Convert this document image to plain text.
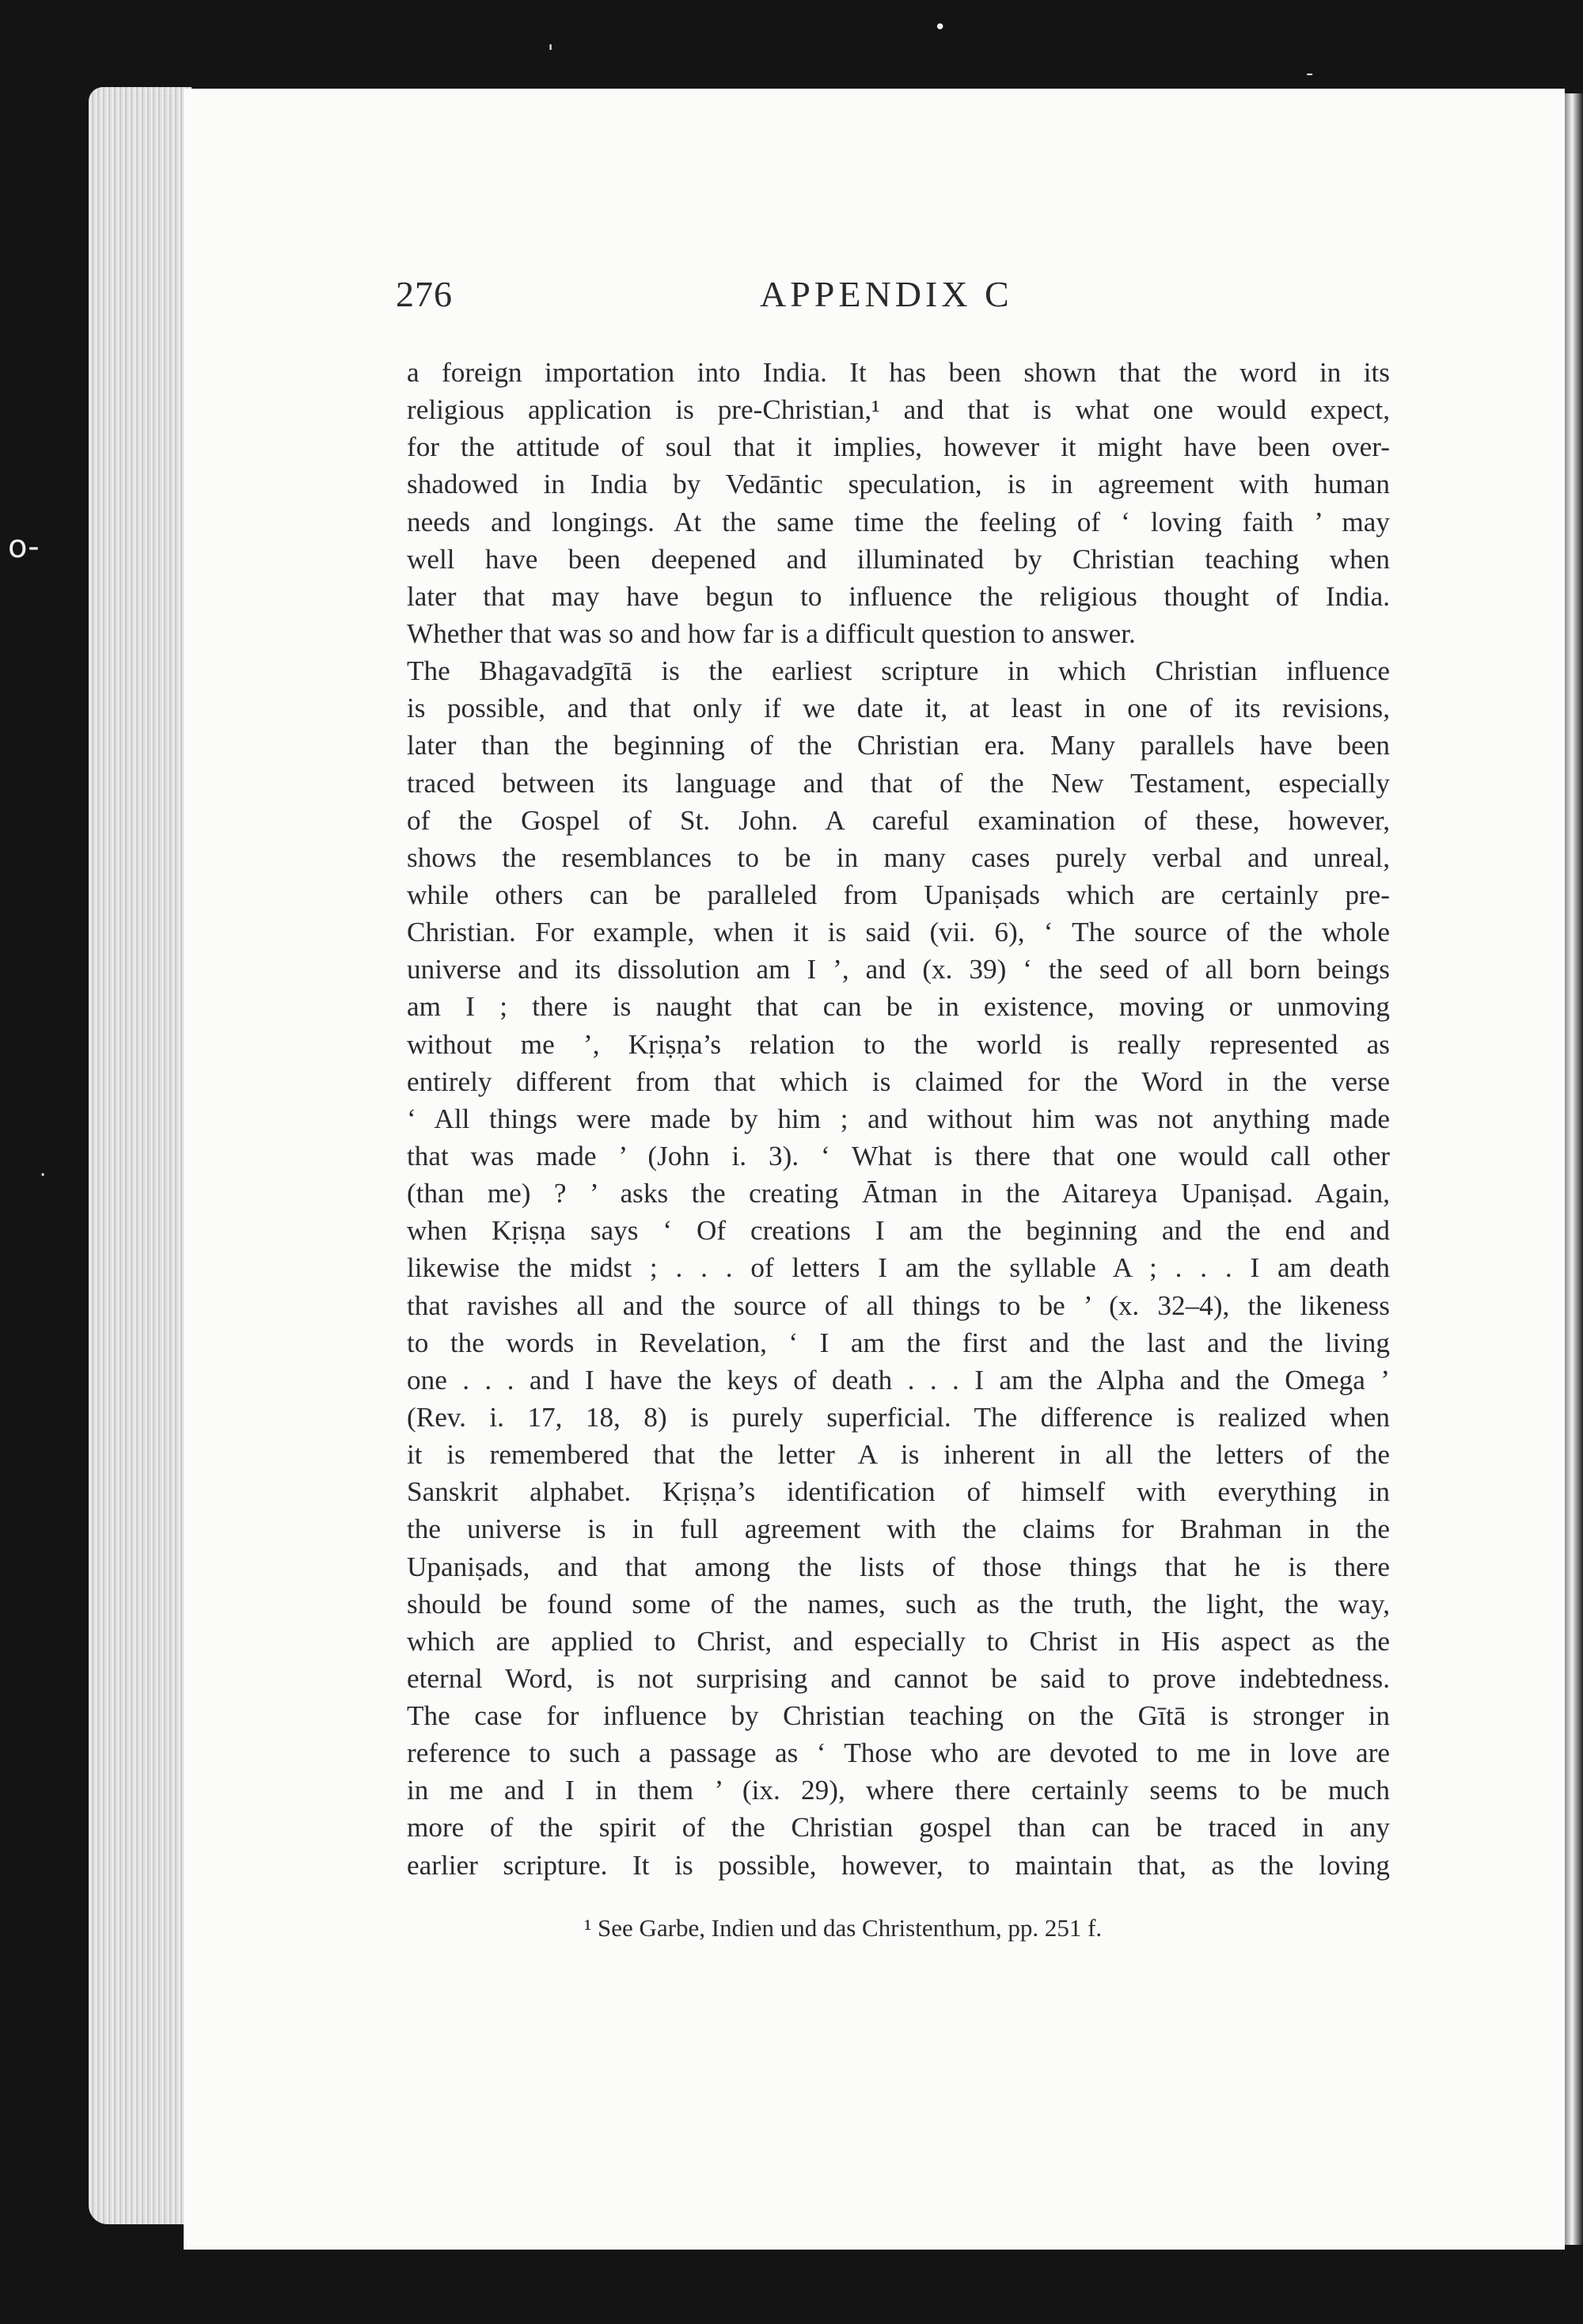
'
•
o-
·
-
276	APPENDIX C
a foreign importation into India. It has been shown that the word in its
religious application is pre-Christian,¹ and that is what one would expect,
for the attitude of soul that it implies, however it might have been over-
shadowed in India by Vedāntic speculation, is in agreement with human
needs and longings. At the same time the feeling of ‘ loving faith ’ may
well have been deepened and illuminated by Christian teaching when
later that may have begun to influence the religious thought of India.
Whether that was so and how far is a difficult question to answer.
The Bhagavadgītā is the earliest scripture in which Christian influence
is possible, and that only if we date it, at least in one of its revisions,
later than the beginning of the Christian era. Many parallels have been
traced between its language and that of the New Testament, especially
of the Gospel of St. John. A careful examination of these, however,
shows the resemblances to be in many cases purely verbal and unreal,
while others can be paralleled from Upaniṣads which are certainly pre-
Christian. For example, when it is said (vii. 6), ‘ The source of the whole
universe and its dissolution am I ’, and (x. 39) ‘ the seed of all born beings
am I ; there is naught that can be in existence, moving or unmoving
without me ’, Kṛiṣṇa’s relation to the world is really represented as
entirely different from that which is claimed for the Word in the verse
‘ All things were made by him ; and without him was not anything made
that was made ’ (John i. 3). ‘ What is there that one would call other
(than me) ? ’ asks the creating Ātman in the Aitareya Upaniṣad. Again,
when Kṛiṣṇa says ‘ Of creations I am the beginning and the end and
likewise the midst ; . . . of letters I am the syllable A ; . . . I am death
that ravishes all and the source of all things to be ’ (x. 32–4), the likeness
to the words in Revelation, ‘ I am the first and the last and the living
one . . . and I have the keys of death . . . I am the Alpha and the Omega ’
(Rev. i. 17, 18, 8) is purely superficial. The difference is realized when
it is remembered that the letter A is inherent in all the letters of the
Sanskrit alphabet. Kṛiṣṇa’s identification of himself with everything in
the universe is in full agreement with the claims for Brahman in the
Upaniṣads, and that among the lists of those things that he is there
should be found some of the names, such as the truth, the light, the way,
which are applied to Christ, and especially to Christ in His aspect as the
eternal Word, is not surprising and cannot be said to prove indebtedness.
The case for influence by Christian teaching on the Gītā is stronger in
reference to such a passage as ‘ Those who are devoted to me in love are
in me and I in them ’ (ix. 29), where there certainly seems to be much
more of the spirit of the Christian gospel than can be traced in any
earlier scripture. It is possible, however, to maintain that, as the loving
¹ See Garbe, Indien und das Christenthum, pp. 251 f.
